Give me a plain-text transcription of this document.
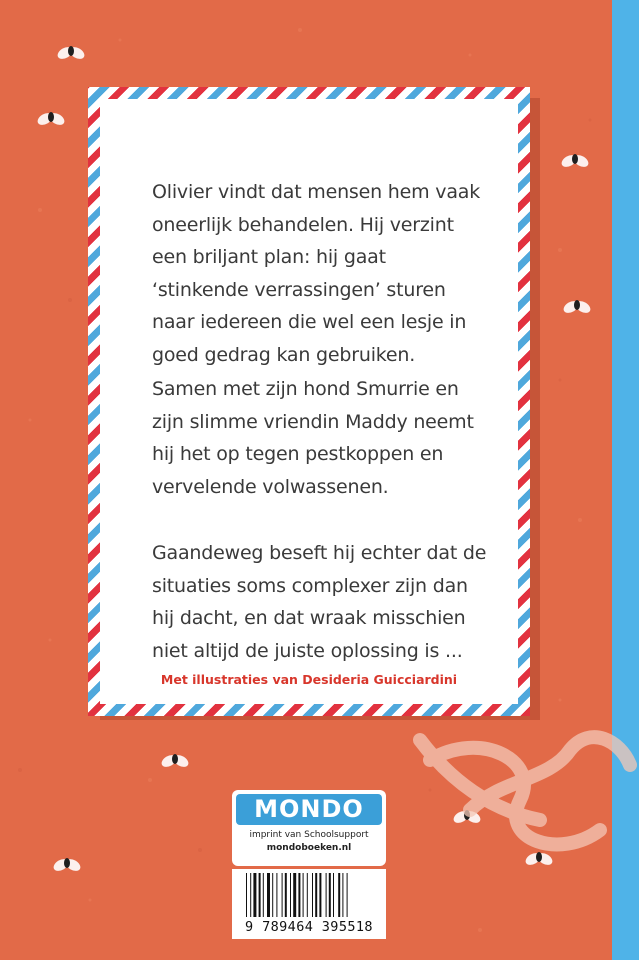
Olivier vindt dat mensen hem vaak oneerlijk behandelen. Hij verzint een briljant plan: hij gaat ‘stinkende verrassingen’ sturen naar iedereen die wel een lesje in goed gedrag kan gebruiken.

Samen met zijn hond Smurrie en zijn slimme vriendin Maddy neemt hij het op tegen pestkoppen en vervelende volwassenen.

Gaandeweg beseft hij echter dat de situaties soms complexer zijn dan hij dacht, en dat wraak misschien niet altijd de juiste oplossing is ...

Met illustraties van Desideria Guicciardini

MONDO

imprint van Schoolsupport

mondoboeken.nl

9 789464 395518
